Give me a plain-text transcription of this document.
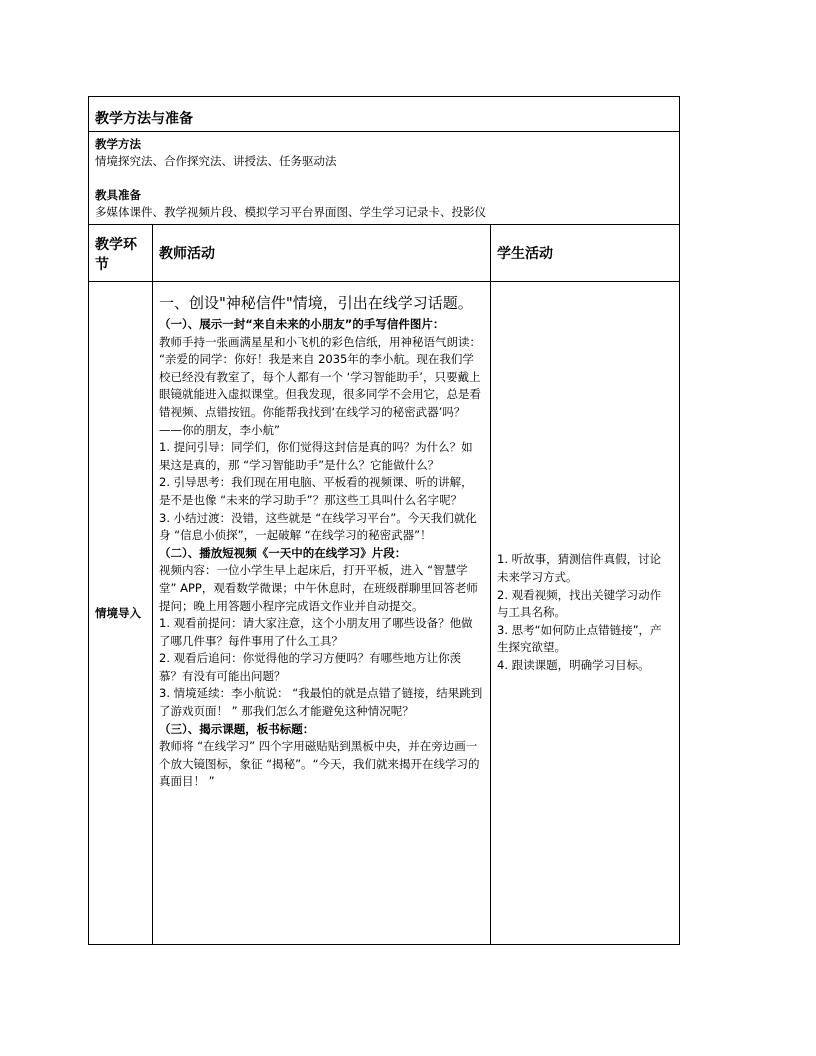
教学方法与准备
教学方法
情境探究法、合作探究法、讲授法、任务驱动法
教具准备
多媒体课件、教学视频片段、模拟学习平台界面图、学生学习记录卡、投影仪
教学环节
教师活动	学生活动
情境导入

一、创设"神秘信件"情境，引出在线学习话题。

（一）、展示一封“来自未来的小朋友”的手写信件图片：

教师手持一张画满星星和小飞机的彩色信纸，用神秘语气朗读：

“亲爱的同学：你好！我是来自 2035年的李小航。现在我们学校已经没有教室了，每个人都有一个 ‘学习智能助手’，只要戴上眼镜就能进入虚拟课堂。但我发现，很多同学不会用它，总是看错视频、点错按钮。你能帮我找到‘在线学习的秘密武器’吗？——你的朋友，李小航”

1. 提问引导：同学们，你们觉得这封信是真的吗？为什么？如果这是真的，那 “学习智能助手”是什么？它能做什么？

2. 引导思考：我们现在用电脑、平板看的视频课、听的讲解，是不是也像 “未来的学习助手”？那这些工具叫什么名字呢？

3. 小结过渡：没错，这些就是 “在线学习平台”。今天我们就化身 “信息小侦探”，一起破解 “在线学习的秘密武器”！

（二）、播放短视频《一天中的在线学习》片段：

视频内容：一位小学生早上起床后，打开平板，进入 “智慧学堂” APP，观看数学微课；中午休息时，在班级群聊里回答老师提问；晚上用答题小程序完成语文作业并自动提交。

1. 观看前提问：请大家注意，这个小朋友用了哪些设备？他做了哪几件事？每件事用了什么工具？

2. 观看后追问：你觉得他的学习方便吗？有哪些地方让你羡慕？有没有可能出问题？

3. 情境延续：李小航说： “我最怕的就是点错了链接，结果跳到了游戏页面！ ” 那我们怎么才能避免这种情况呢？

（三）、揭示课题，板书标题：

教师将 “在线学习” 四个字用磁贴贴到黑板中央，并在旁边画一个放大镜图标，象征 “揭秘”。“今天，我们就来揭开在线学习的真面目！ ”

1. 听故事，猜测信件真假，讨论未来学习方式。

2. 观看视频，找出关键学习动作与工具名称。

3. 思考“如何防止点错链接”，产生探究欲望。

4. 跟读课题，明确学习目标。
